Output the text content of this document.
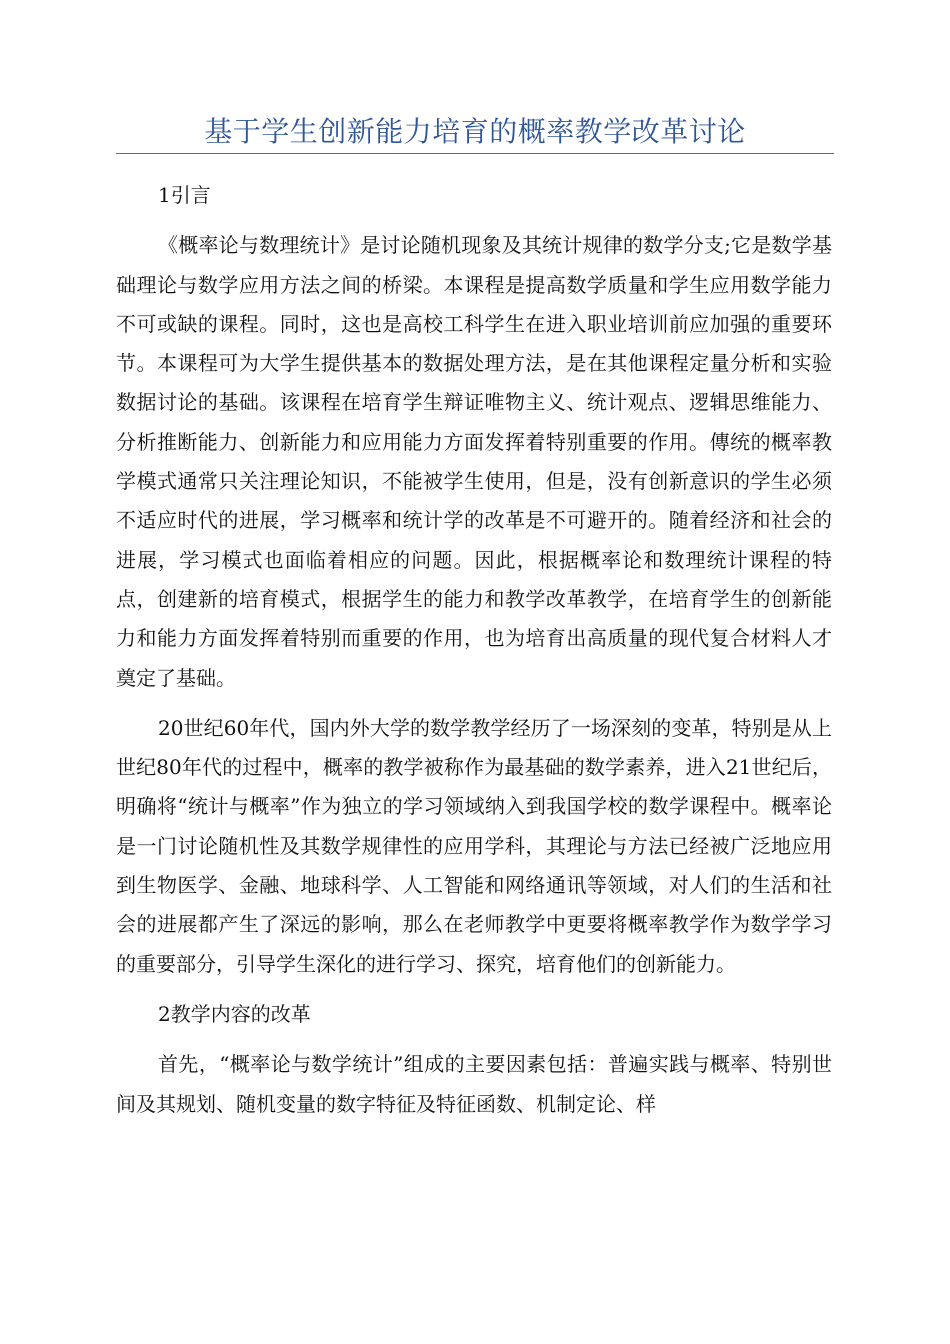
基于学生创新能力培育的概率教学改革讨论

1引言

《概率论与数理统计》是讨论随机现象及其统计规律的数学分支;它是数学基础理论与数学应用方法之间的桥梁。本课程是提高数学质量和学生应用数学能力不可或缺的课程。同时，这也是高校工科学生在进入职业培训前应加强的重要环节。本课程可为大学生提供基本的数据处理方法，是在其他课程定量分析和实验数据讨论的基础。该课程在培育学生辩证唯物主义、统计观点、逻辑思维能力、分析推断能力、创新能力和应用能力方面发挥着特别重要的作用。傳统的概率教学模式通常只关注理论知识，不能被学生使用，但是，没有创新意识的学生必须不适应时代的进展，学习概率和统计学的改革是不可避开的。随着经济和社会的进展，学习模式也面临着相应的问题。因此，根据概率论和数理统计课程的特点，创建新的培育模式，根据学生的能力和教学改革教学，在培育学生的创新能力和能力方面发挥着特别而重要的作用，也为培育出高质量的现代复合材料人才奠定了基础。

20世纪60年代，国内外大学的数学教学经历了一场深刻的变革，特别是从上世纪80年代的过程中，概率的教学被称作为最基础的数学素养，进入21世纪后，明确将“统计与概率”作为独立的学习领域纳入到我国学校的数学课程中。概率论是一门讨论随机性及其数学规律性的应用学科，其理论与方法已经被广泛地应用到生物医学、金融、地球科学、人工智能和网络通讯等领域，对人们的生活和社会的进展都产生了深远的影响，那么在老师教学中更要将概率教学作为数学学习的重要部分，引导学生深化的进行学习、探究，培育他们的创新能力。

2教学内容的改革

首先，“概率论与数学统计”组成的主要因素包括：普遍实践与概率、特别世间及其规划、随机变量的数字特征及特征函数、机制定论、样
